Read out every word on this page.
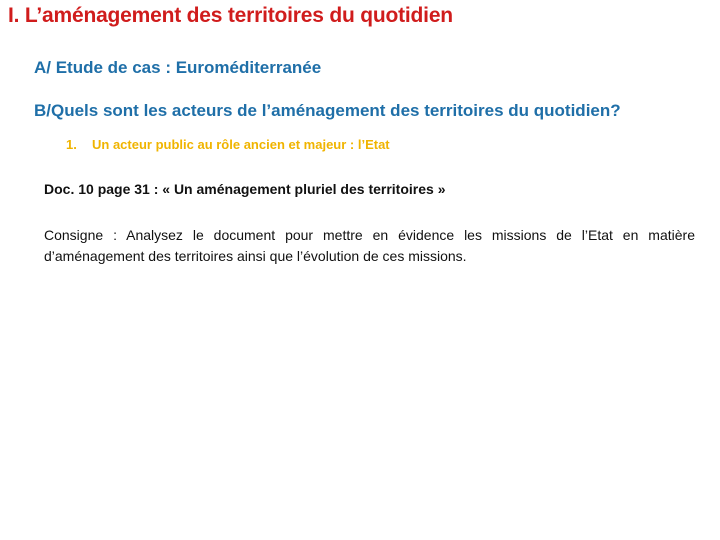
I. L’aménagement des territoires du quotidien
A/ Etude de cas : Euroméditerranée
B/Quels sont les acteurs de l’aménagement des territoires du quotidien?
1. Un acteur public au rôle ancien et majeur : l’Etat
Doc. 10 page 31 : « Un aménagement pluriel des territoires »
Consigne : Analysez le document pour mettre en évidence les missions de l’Etat en matière d’aménagement des territoires ainsi que l’évolution de ces missions.
